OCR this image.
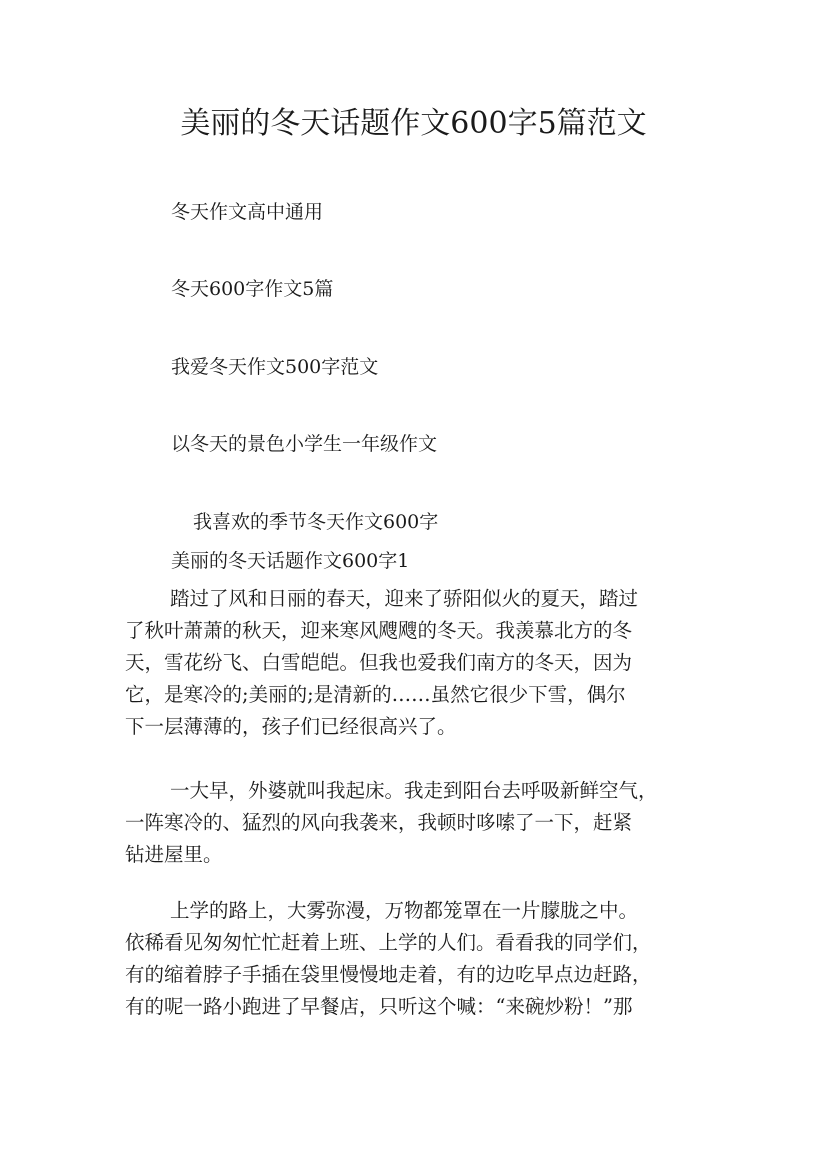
美丽的冬天话题作文600字5篇范文

冬天作文高中通用

冬天600字作文5篇

我爱冬天作文500字范文

以冬天的景色小学生一年级作文

我喜欢的季节冬天作文600字

美丽的冬天话题作文600字1

踏过了风和日丽的春天，迎来了骄阳似火的夏天，踏过
了秋叶萧萧的秋天，迎来寒风飕飕的冬天。我羡慕北方的冬
天，雪花纷飞、白雪皑皑。但我也爱我们南方的冬天，因为
它，是寒冷的;美丽的;是清新的……虽然它很少下雪，偶尔
下一层薄薄的，孩子们已经很高兴了。
一大早，外婆就叫我起床。我走到阳台去呼吸新鲜空气，
一阵寒冷的、猛烈的风向我袭来，我顿时哆嗦了一下，赶紧
钻进屋里。
上学的路上，大雾弥漫，万物都笼罩在一片朦胧之中。
依稀看见匆匆忙忙赶着上班、上学的人们。看看我的同学们，
有的缩着脖子手插在袋里慢慢地走着，有的边吃早点边赶路，
有的呢一路小跑进了早餐店，只听这个喊：“来碗炒粉！”那
